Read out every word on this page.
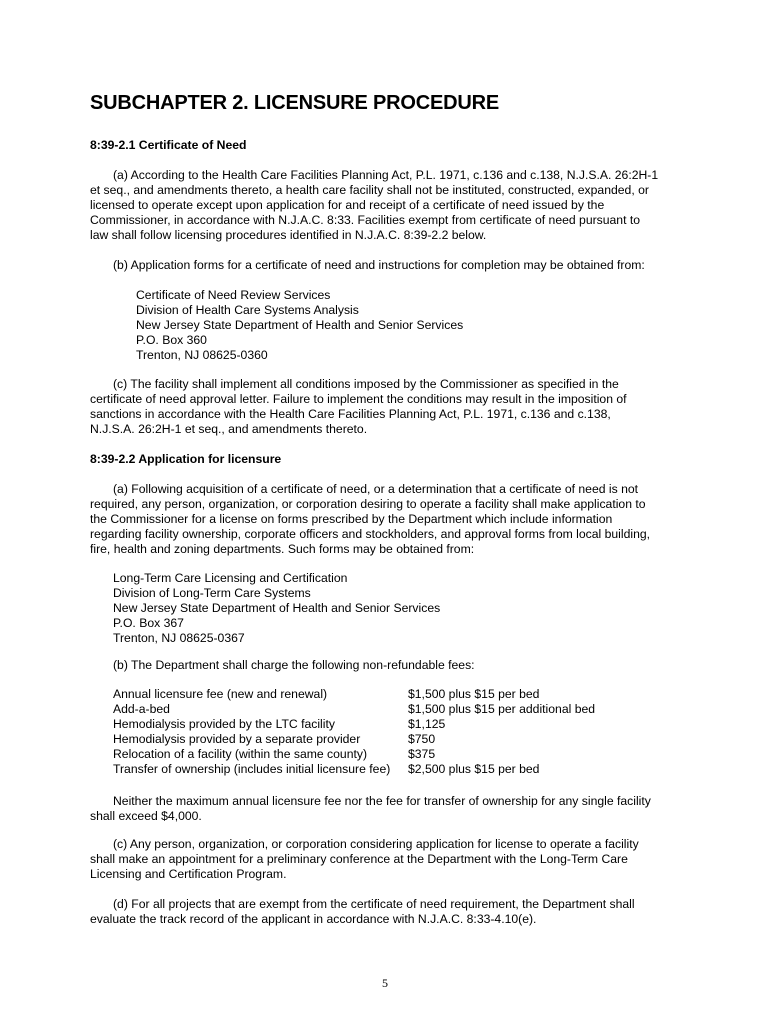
SUBCHAPTER 2. LICENSURE PROCEDURE
8:39-2.1 Certificate of Need
(a) According to the Health Care Facilities Planning Act, P.L. 1971, c.136 and c.138, N.J.S.A. 26:2H-1
et seq., and amendments thereto, a health care facility shall not be instituted, constructed, expanded, or
licensed to operate except upon application for and receipt of a certificate of need issued by the
Commissioner, in accordance with N.J.A.C. 8:33. Facilities exempt from certificate of need pursuant to
law shall follow licensing procedures identified in N.J.A.C. 8:39-2.2 below.
(b) Application forms for a certificate of need and instructions for completion may be obtained from:
Certificate of Need Review Services
Division of Health Care Systems Analysis
New Jersey State Department of Health and Senior Services
P.O. Box 360
Trenton, NJ 08625-0360
(c) The facility shall implement all conditions imposed by the Commissioner as specified in the
certificate of need approval letter. Failure to implement the conditions may result in the imposition of
sanctions in accordance with the Health Care Facilities Planning Act, P.L. 1971, c.136 and c.138,
N.J.S.A. 26:2H-1 et seq., and amendments thereto.
8:39-2.2 Application for licensure
(a) Following acquisition of a certificate of need, or a determination that a certificate of need is not
required, any person, organization, or corporation desiring to operate a facility shall make application to
the Commissioner for a license on forms prescribed by the Department which include information
regarding facility ownership, corporate officers and stockholders, and approval forms from local building,
fire, health and zoning departments. Such forms may be obtained from:
Long-Term Care Licensing and Certification
Division of Long-Term Care Systems
New Jersey State Department of Health and Senior Services
P.O. Box 367
Trenton, NJ 08625-0367
(b) The Department shall charge the following non-refundable fees:
Annual licensure fee (new and renewal)	$1,500 plus $15 per bed
Add-a-bed	$1,500 plus $15 per additional bed
Hemodialysis provided by the LTC facility	$1,125
Hemodialysis provided by a separate provider	$750
Relocation of a facility (within the same county)	$375
Transfer of ownership (includes initial licensure fee)	$2,500 plus $15 per bed
Neither the maximum annual licensure fee nor the fee for transfer of ownership for any single facility
shall exceed $4,000.
(c) Any person, organization, or corporation considering application for license to operate a facility
shall make an appointment for a preliminary conference at the Department with the Long-Term Care
Licensing and Certification Program.
(d) For all projects that are exempt from the certificate of need requirement, the Department shall
evaluate the track record of the applicant in accordance with N.J.A.C. 8:33-4.10(e).
5
